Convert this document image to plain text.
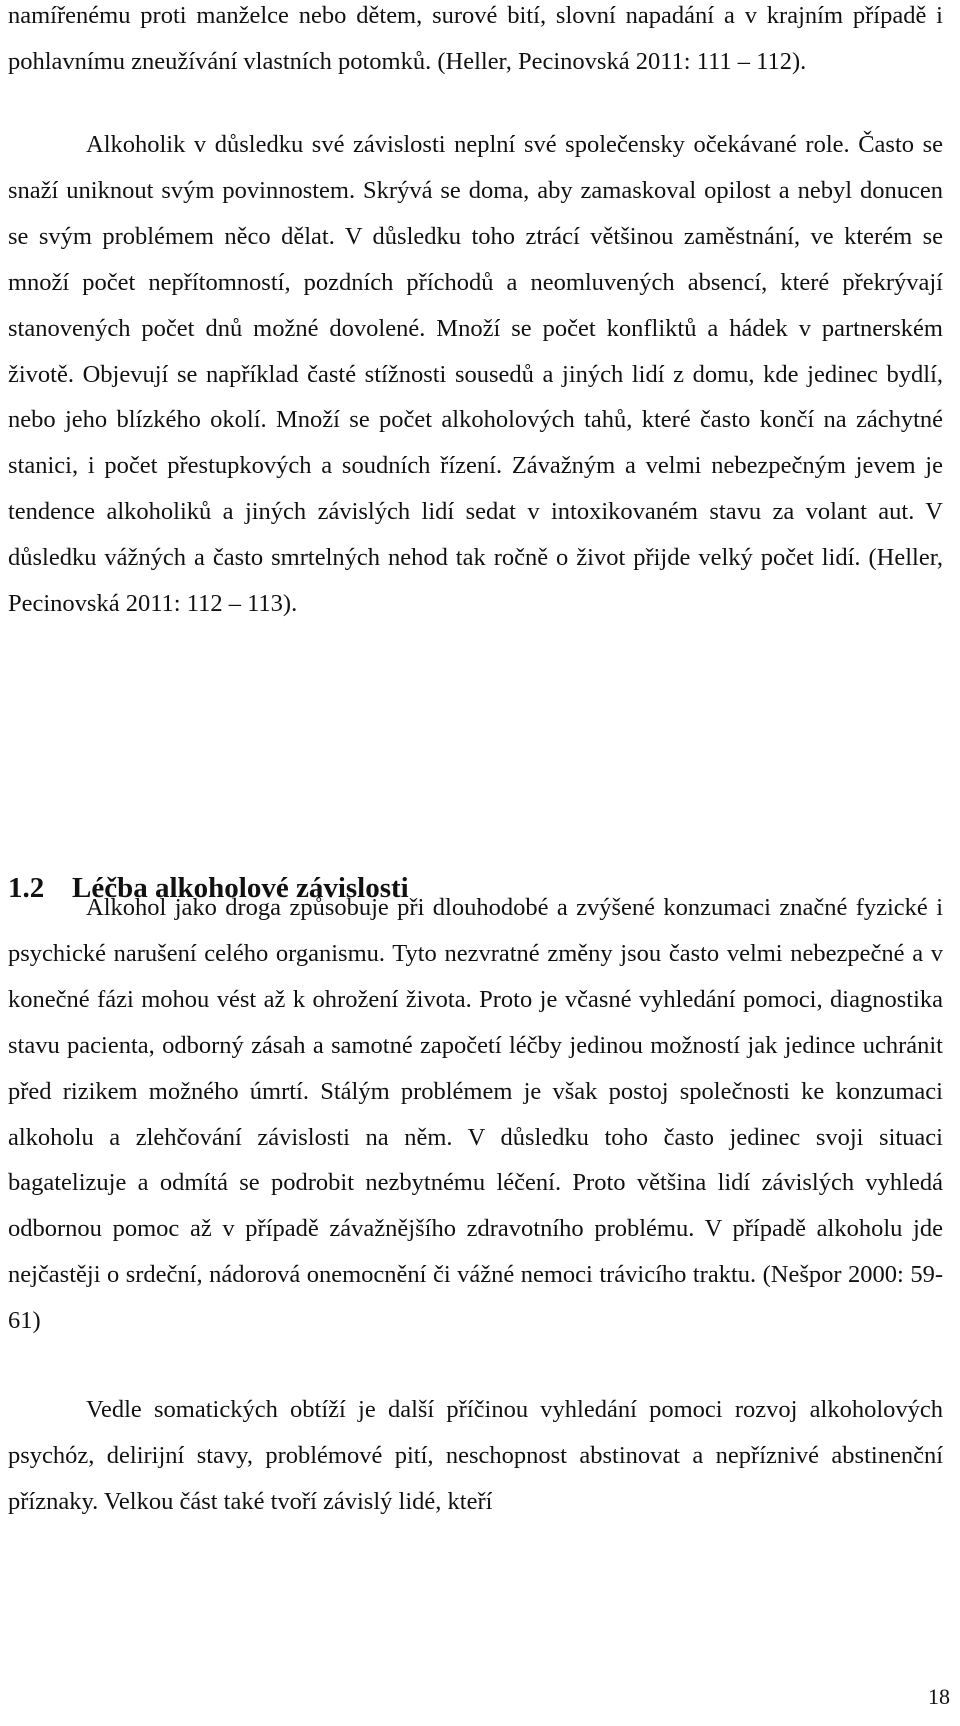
namířenému proti manželce nebo dětem, surové bití, slovní napadání a v krajním případě i pohlavnímu zneužívání vlastních potomků. (Heller, Pecinovská 2011: 111 – 112).

Alkoholik v důsledku své závislosti neplní své společensky očekávané role. Často se snaží uniknout svým povinnostem. Skrývá se doma, aby zamaskoval opilost a nebyl donucen se svým problémem něco dělat. V důsledku toho ztrácí většinou zaměstnání, ve kterém se množí počet nepřítomností, pozdních příchodů a neomluvených absencí, které překrývají stanovených počet dnů možné dovolené. Množí se počet konfliktů a hádek v partnerském životě. Objevují se například časté stížnosti sousedů a jiných lidí z domu, kde jedinec bydlí, nebo jeho blízkého okolí. Množí se počet alkoholových tahů, které často končí na záchytné stanici, i počet přestupkových a soudních řízení. Závažným a velmi nebezpečným jevem je tendence alkoholiků a jiných závislých lidí sedat v intoxikovaném stavu za volant aut. V důsledku vážných a často smrtelných nehod tak ročně o život přijde velký počet lidí. (Heller, Pecinovská 2011: 112 – 113).

1.2 Léčba alkoholové závislosti

Alkohol jako droga způsobuje při dlouhodobé a zvýšené konzumaci značné fyzické i psychické narušení celého organismu. Tyto nezvratné změny jsou často velmi nebezpečné a v konečné fázi mohou vést až k ohrožení života. Proto je včasné vyhledání pomoci, diagnostika stavu pacienta, odborný zásah a samotné započetí léčby jedinou možností jak jedince uchránit před rizikem možného úmrtí. Stálým problémem je však postoj společnosti ke konzumaci alkoholu a zlehčování závislosti na něm. V důsledku toho často jedinec svoji situaci bagatelizuje a odmítá se podrobit nezbytnému léčení. Proto většina lidí závislých vyhledá odbornou pomoc až v případě závažnějšího zdravotního problému. V případě alkoholu jde nejčastěji o srdeční, nádorová onemocnění či vážné nemoci trávicího traktu. (Nešpor 2000: 59-61)

Vedle somatických obtíží je další příčinou vyhledání pomoci rozvoj alkoholových psychóz, delirijní stavy, problémové pití, neschopnost abstinovat a nepříznivé abstinenční příznaky. Velkou část také tvoří závislý lidé, kteří

18
